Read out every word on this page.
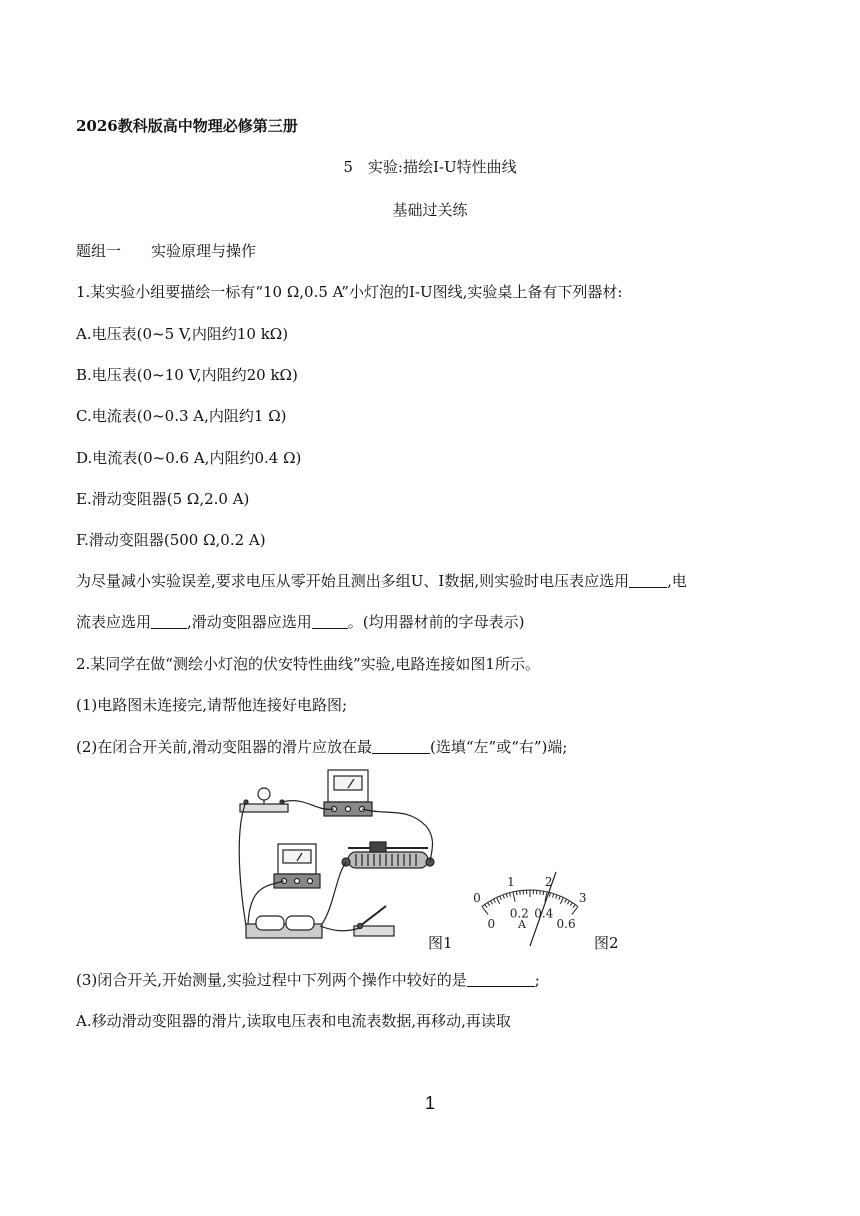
2026教科版高中物理必修第三册
5　实验:描绘I-U特性曲线
基础过关练
题组一　　实验原理与操作
1.某实验小组要描绘一标有“10 Ω,0.5 A”小灯泡的I-U图线,实验桌上备有下列器材:
A.电压表(0~5 V,内阻约10 kΩ)
B.电压表(0~10 V,内阻约20 kΩ)
C.电流表(0~0.3 A,内阻约1 Ω)
D.电流表(0~0.6 A,内阻约0.4 Ω)
E.滑动变阻器(5 Ω,2.0 A)
F.滑动变阻器(500 Ω,0.2 A)
为尽量减小实验误差,要求电压从零开始且测出多组U、I数据,则实验时电压表应选用	,电
流表应选用 ,滑动变阻器应选用 。(均用器材前的字母表示)
2.某同学在做“测绘小灯泡的伏安特性曲线”实验,电路连接如图1所示。
(1)电路图未连接完,请帮他连接好电路图;
(2)在闭合开关前,滑动变阻器的滑片应放在最	(选填“左”或“右”)端;
0
1	2
3
0
0.2 0.4
0.6
A
图1	图2
(3)闭合开关,开始测量,实验过程中下列两个操作中较好的是	;
A.移动滑动变阻器的滑片,读取电压表和电流表数据,再移动,再读取
1
